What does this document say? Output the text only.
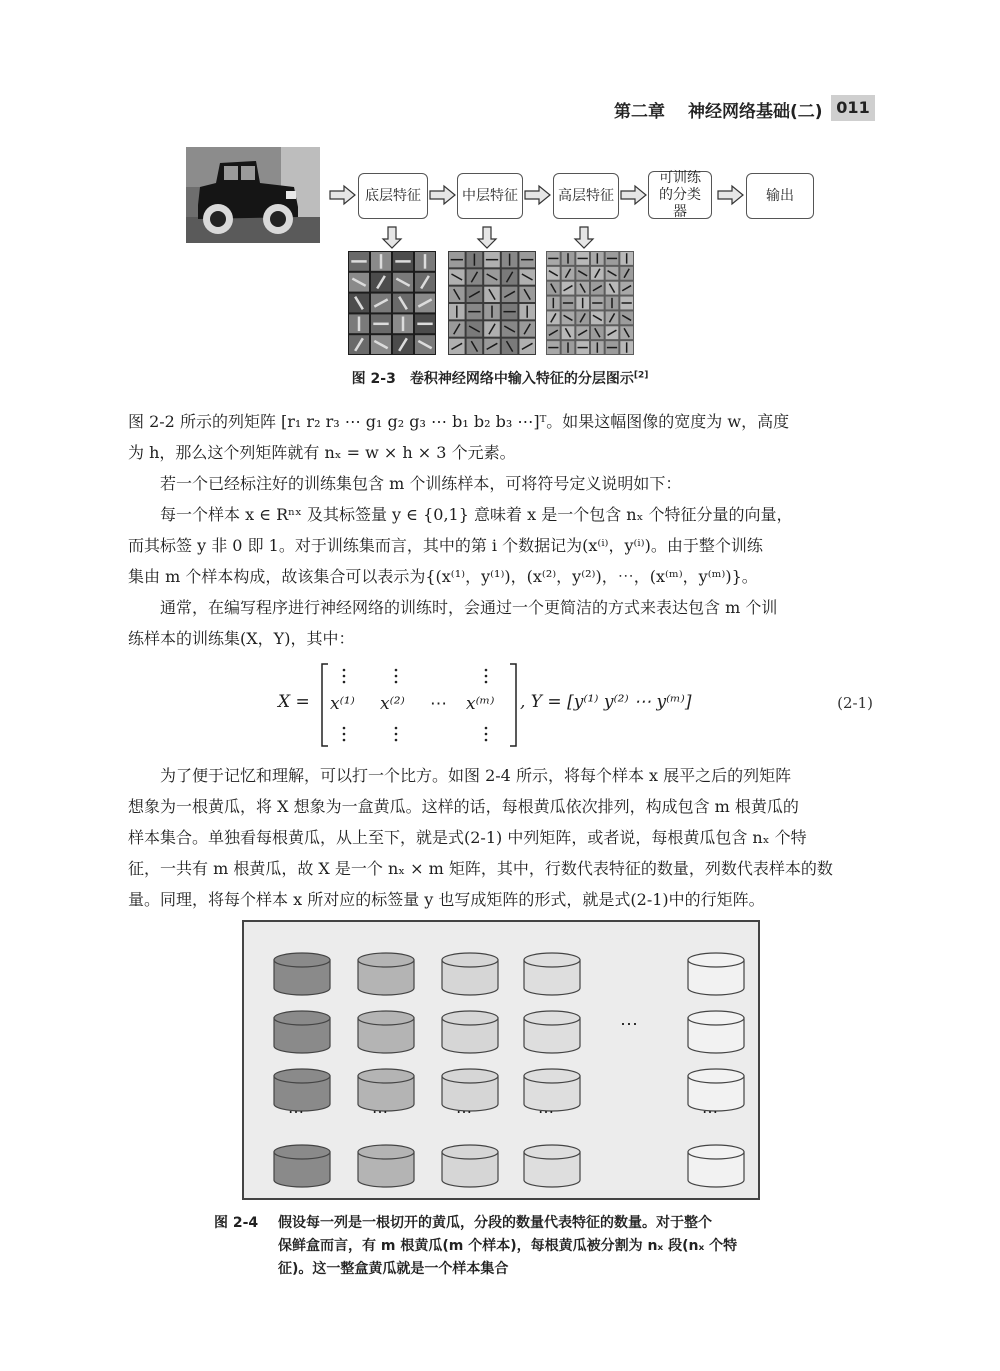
第二章 神经网络基础(二) 011
底层特征	中层特征	高层特征
可训练的分类器
输出
图 2-3 卷积神经网络中输入特征的分层图示[2]

图 2-2 所示的列矩阵 [r₁ r₂ r₃ ⋯ g₁ g₂ g₃ ⋯ b₁ b₂ b₃ ⋯]ᵀ。如果这幅图像的宽度为 w，高度

为 h，那么这个列矩阵就有 nₓ = w × h × 3 个元素。

若一个已经标注好的训练集包含 m 个训练样本，可将符号定义说明如下：

每一个样本 x ∈ Rⁿˣ 及其标签量 y ∈ {0,1} 意味着 x 是一个包含 nₓ 个特征分量的向量，

而其标签 y 非 0 即 1。对于训练集而言，其中的第 i 个数据记为(x⁽ⁱ⁾，y⁽ⁱ⁾)。由于整个训练

集由 m 个样本构成，故该集合可以表示为{(x⁽¹⁾，y⁽¹⁾)，(x⁽²⁾，y⁽²⁾)，⋯，(x⁽ᵐ⁾，y⁽ᵐ⁾)}。

通常，在编写程序进行神经网络的训练时，会通过一个更简洁的方式来表达包含 m 个训

练样本的训练集(X，Y)，其中：

X = x⁽¹⁾ x⁽²⁾ ⋯ x⁽ᵐ⁾ , Y = [y⁽¹⁾ y⁽²⁾ ⋯ y⁽ᵐ⁾]	(2-1)

为了便于记忆和理解，可以打一个比方。如图 2-4 所示，将每个样本 x 展平之后的列矩阵

想象为一根黄瓜，将 X 想象为一盒黄瓜。这样的话，每根黄瓜依次排列，构成包含 m 根黄瓜的

样本集合。单独看每根黄瓜，从上至下，就是式(2-1) 中列矩阵，或者说，每根黄瓜包含 nₓ 个特

征，一共有 m 根黄瓜，故 X 是一个 nₓ × m 矩阵，其中，行数代表特征的数量，列数代表样本的数

量。同理，将每个样本 x 所对应的标签量 y 也写成矩阵的形式，就是式(2-1)中的行矩阵。

⋯
⋯	⋯	⋯	⋯	⋯
图 2-4 假设每一列是一根切开的黄瓜，分段的数量代表特征的数量。对于整个
保鲜盒而言，有 m 根黄瓜(m 个样本)，每根黄瓜被分割为 nₓ 段(nₓ 个特
征)。这一整盒黄瓜就是一个样本集合
